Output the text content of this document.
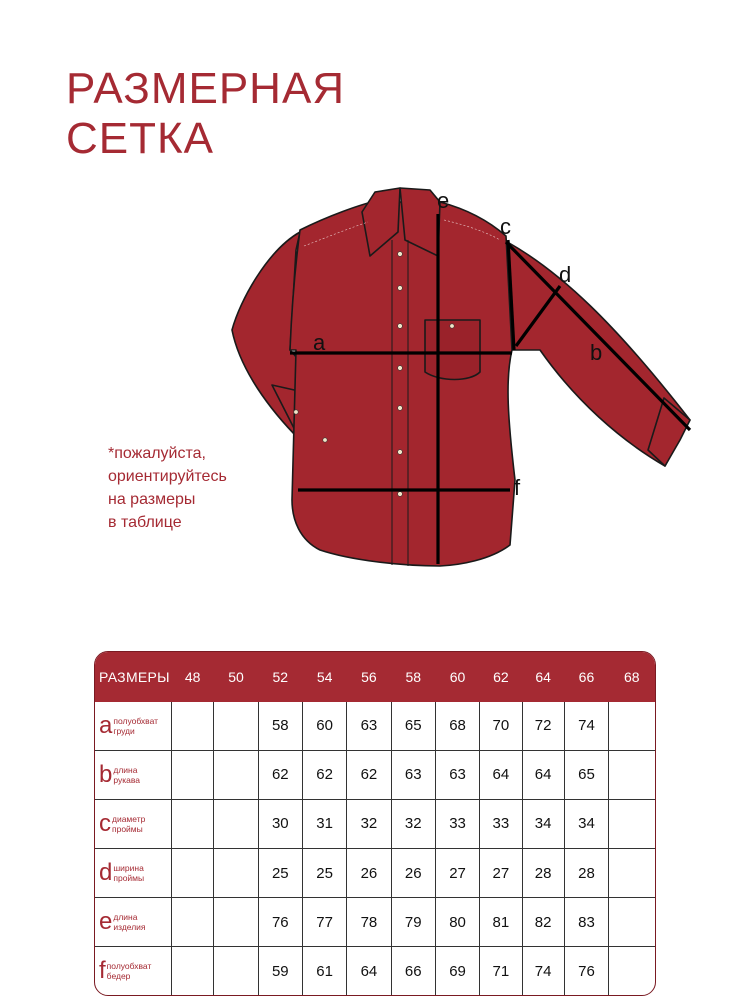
РАЗМЕРНАЯ
СЕТКА
a
e
c
d
b
f
*пожалуйста,
ориентируйтесь
на размеры
в таблице
РАЗМЕРЫ	48	50	52	54	56	58	60	62	64	66	68
a полуобхват
груди			58	60	63	65	68	70	72	74	
b длина
рукава			62	62	62	63	63	64	64	65	
c диаметр
проймы			30	31	32	32	33	33	34	34	
d ширина
проймы			25	25	26	26	27	27	28	28	
e длина
изделия			76	77	78	79	80	81	82	83	
f полуобхват
бедер			59	61	64	66	69	71	74	76	
